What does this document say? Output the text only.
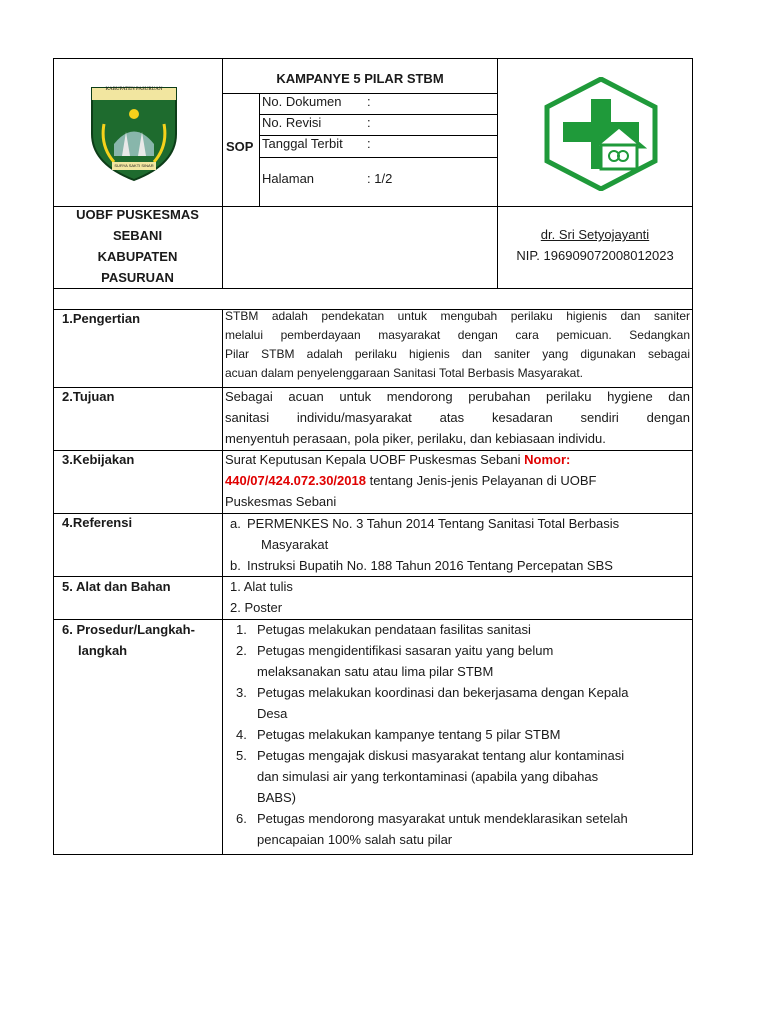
KABUPATEN PASURUAN
SURYA SAKTI SINAR
KAMPANYE 5 PILAR STBM
SOP
No. Dokumen :
No. Revisi	:
Tanggal Terbit :
Halaman	: 1/2
UOBF PUSKESMAS
SEBANI
KABUPATEN
PASURUAN
dr. Sri Setyojayanti
NIP. 196909072008012023
1.Pengertian	STBM adalah pendekatan untuk mengubah perilaku higienis dan saniter
melalui pemberdayaan masyarakat dengan cara pemicuan. Sedangkan
Pilar STBM adalah perilaku higienis dan saniter yang digunakan sebagai
acuan dalam penyelenggaraan Sanitasi Total Berbasis Masyarakat.
2.Tujuan	Sebagai acuan untuk mendorong perubahan perilaku hygiene dan
sanitasi individu/masyarakat atas kesadaran sendiri dengan
menyentuh perasaan, pola piker, perilaku, dan kebiasaan individu.
3.Kebijakan	Surat Keputusan Kepala UOBF Puskesmas Sebani Nomor:
440/07/424.072.30/2018 tentang Jenis-jenis Pelayanan di UOBF
Puskesmas Sebani
4.Referensi	a. PERMENKES No. 3 Tahun 2014 Tentang Sanitasi Total Berbasis
Masyarakat
b. Instruksi Bupatih No. 188 Tahun 2016 Tentang Percepatan SBS
5. Alat dan Bahan	1. Alat tulis
2. Poster
6. Prosedur/Langkah-
langkah
1. Petugas melakukan pendataan fasilitas sanitasi
2. Petugas mengidentifikasi sasaran yaitu yang belum
melaksanakan satu atau lima pilar STBM
3. Petugas melakukan koordinasi dan bekerjasama dengan Kepala
Desa
4. Petugas melakukan kampanye tentang 5 pilar STBM
5. Petugas mengajak diskusi masyarakat tentang alur kontaminasi
dan simulasi air yang terkontaminasi (apabila yang dibahas
BABS)
6. Petugas mendorong masyarakat untuk mendeklarasikan setelah
pencapaian 100% salah satu pilar
